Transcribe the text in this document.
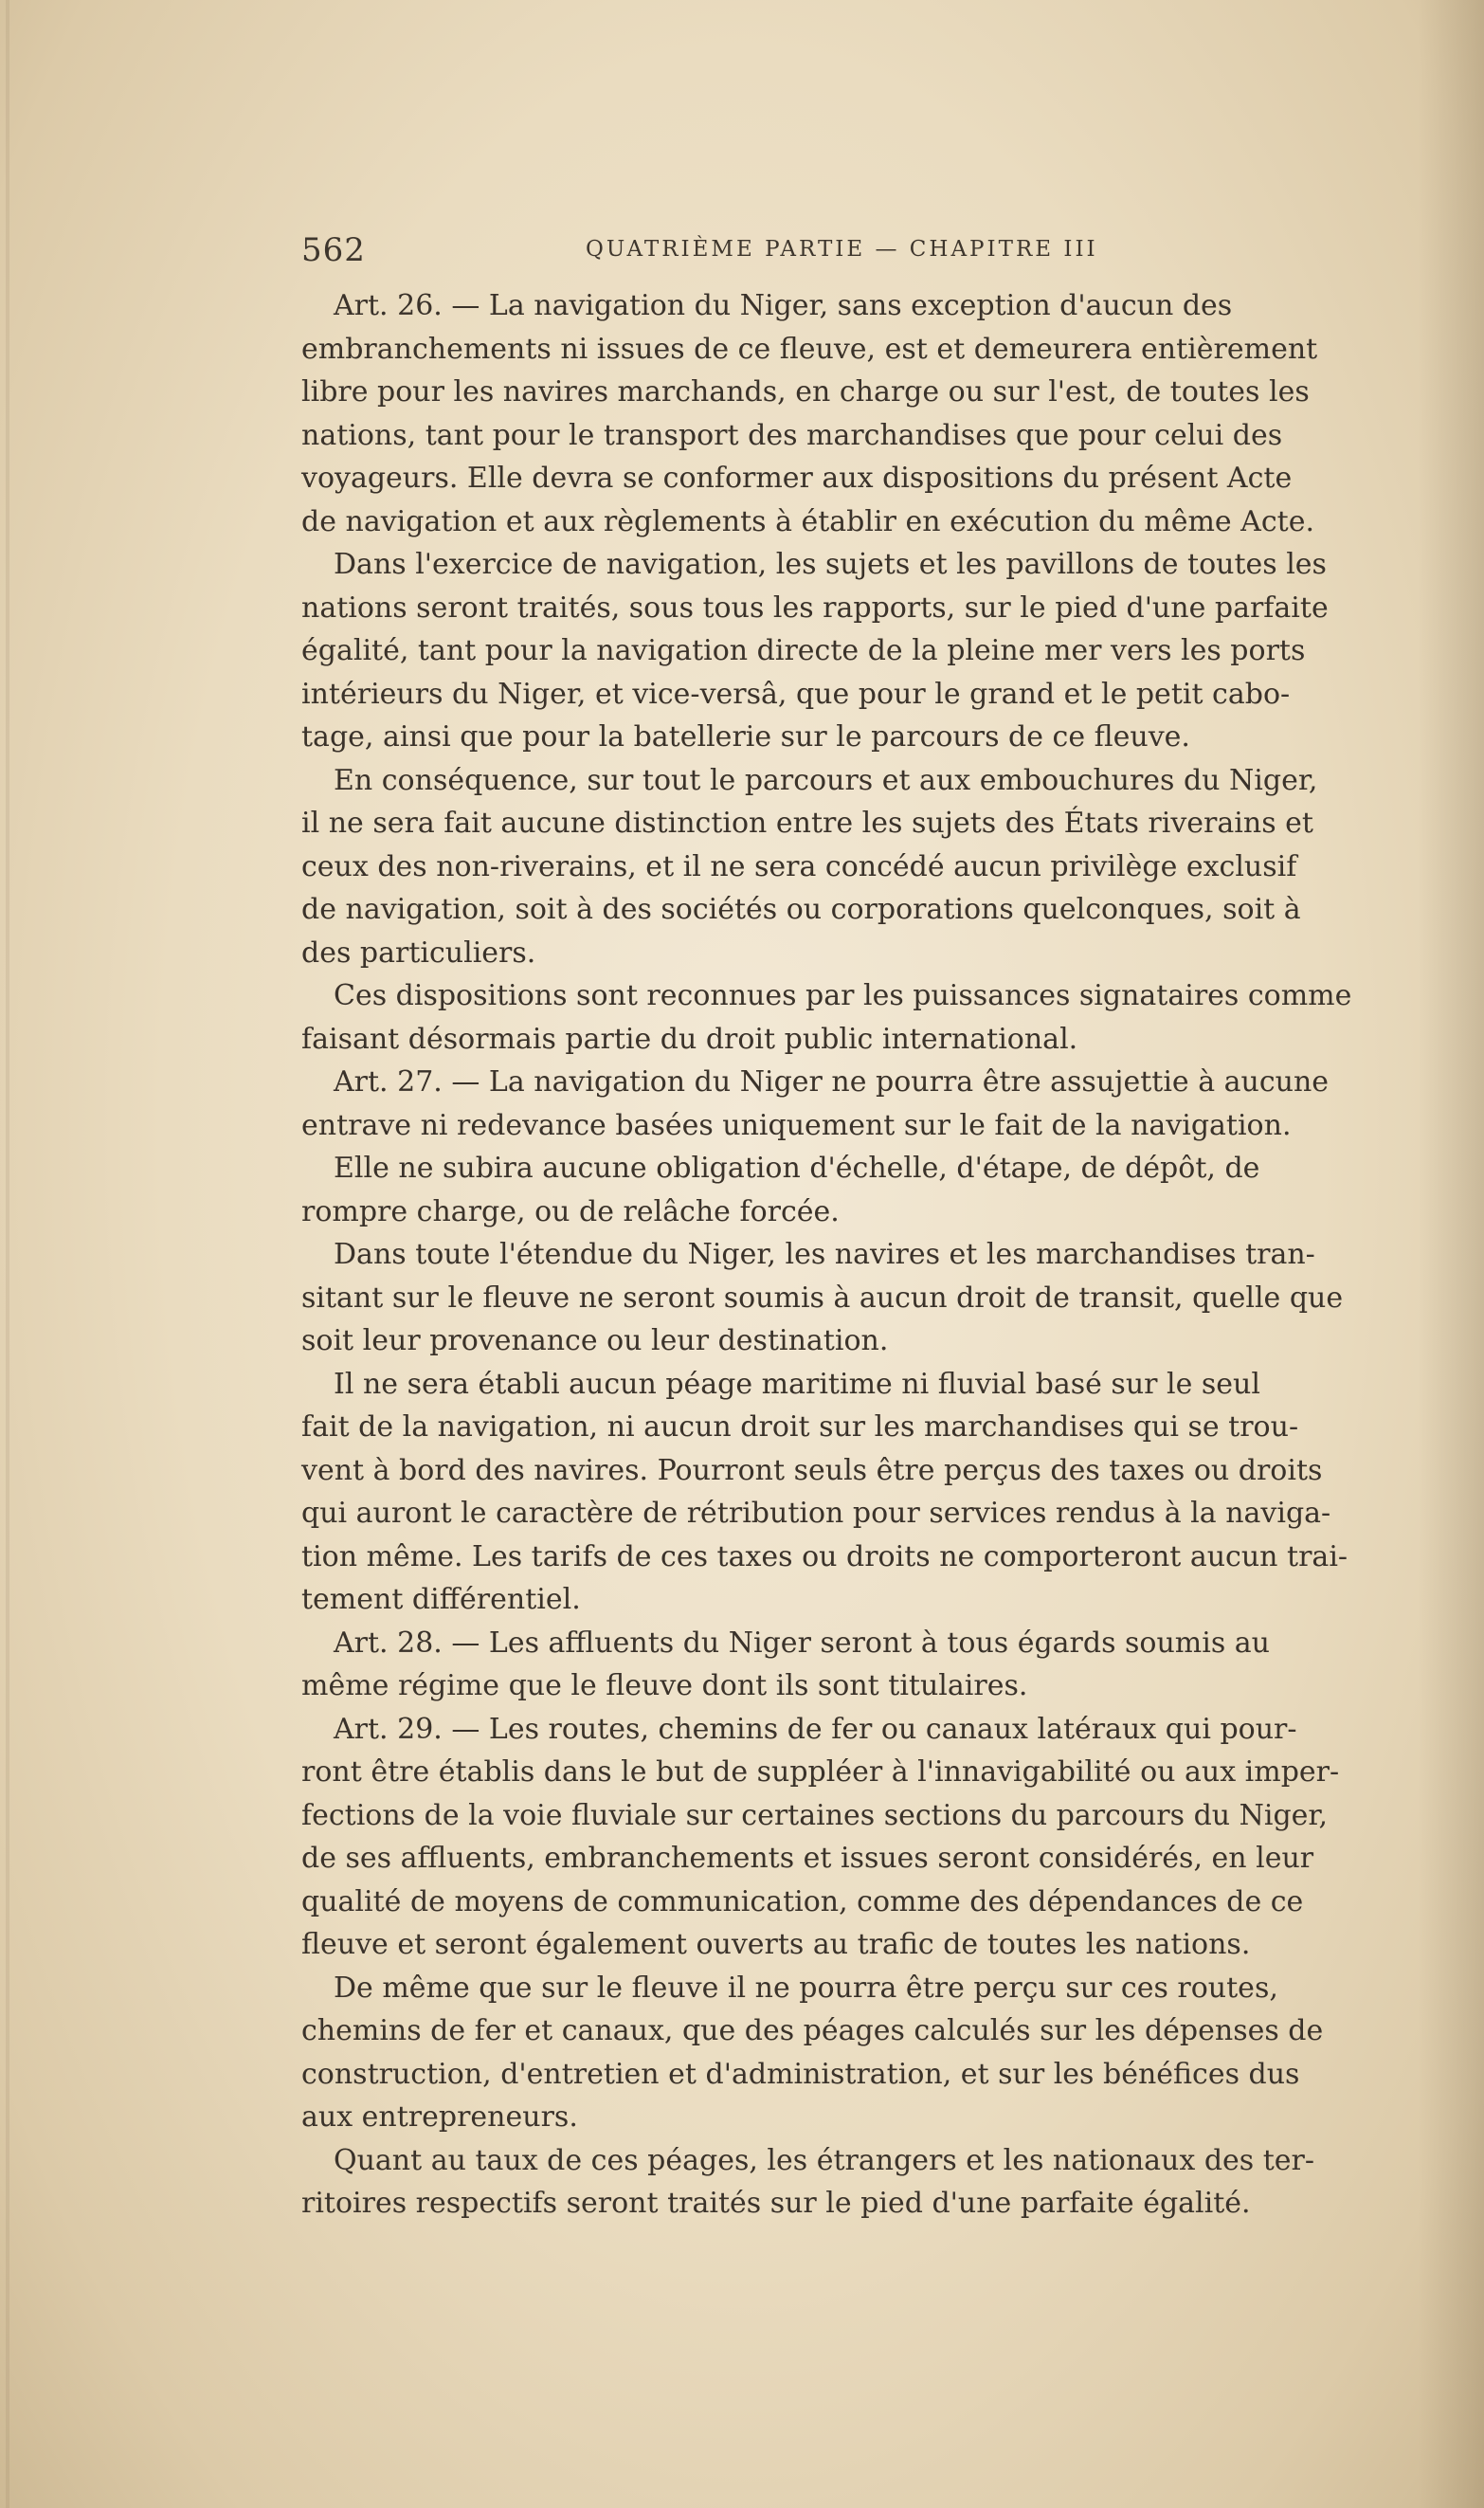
562	QUATRIÈME PARTIE — CHAPITRE III
Art. 26. — La navigation du Niger, sans exception d'aucun des
embranchements ni issues de ce fleuve, est et demeurera entièrement
libre pour les navires marchands, en charge ou sur l'est, de toutes les
nations, tant pour le transport des marchandises que pour celui des
voyageurs. Elle devra se conformer aux dispositions du présent Acte
de navigation et aux règlements à établir en exécution du même Acte.
Dans l'exercice de navigation, les sujets et les pavillons de toutes les
nations seront traités, sous tous les rapports, sur le pied d'une parfaite
égalité, tant pour la navigation directe de la pleine mer vers les ports
intérieurs du Niger, et vice-versâ, que pour le grand et le petit cabo-
tage, ainsi que pour la batellerie sur le parcours de ce fleuve.
En conséquence, sur tout le parcours et aux embouchures du Niger,
il ne sera fait aucune distinction entre les sujets des États riverains et
ceux des non-riverains, et il ne sera concédé aucun privilège exclusif
de navigation, soit à des sociétés ou corporations quelconques, soit à
des particuliers.
Ces dispositions sont reconnues par les puissances signataires comme
faisant désormais partie du droit public international.
Art. 27. — La navigation du Niger ne pourra être assujettie à aucune
entrave ni redevance basées uniquement sur le fait de la navigation.
Elle ne subira aucune obligation d'échelle, d'étape, de dépôt, de
rompre charge, ou de relâche forcée.
Dans toute l'étendue du Niger, les navires et les marchandises tran-
sitant sur le fleuve ne seront soumis à aucun droit de transit, quelle que
soit leur provenance ou leur destination.
Il ne sera établi aucun péage maritime ni fluvial basé sur le seul
fait de la navigation, ni aucun droit sur les marchandises qui se trou-
vent à bord des navires. Pourront seuls être perçus des taxes ou droits
qui auront le caractère de rétribution pour services rendus à la naviga-
tion même. Les tarifs de ces taxes ou droits ne comporteront aucun trai-
tement différentiel.
Art. 28. — Les affluents du Niger seront à tous égards soumis au
même régime que le fleuve dont ils sont titulaires.
Art. 29. — Les routes, chemins de fer ou canaux latéraux qui pour-
ront être établis dans le but de suppléer à l'innavigabilité ou aux imper-
fections de la voie fluviale sur certaines sections du parcours du Niger,
de ses affluents, embranchements et issues seront considérés, en leur
qualité de moyens de communication, comme des dépendances de ce
fleuve et seront également ouverts au trafic de toutes les nations.
De même que sur le fleuve il ne pourra être perçu sur ces routes,
chemins de fer et canaux, que des péages calculés sur les dépenses de
construction, d'entretien et d'administration, et sur les bénéfices dus
aux entrepreneurs.
Quant au taux de ces péages, les étrangers et les nationaux des ter-
ritoires respectifs seront traités sur le pied d'une parfaite égalité.
